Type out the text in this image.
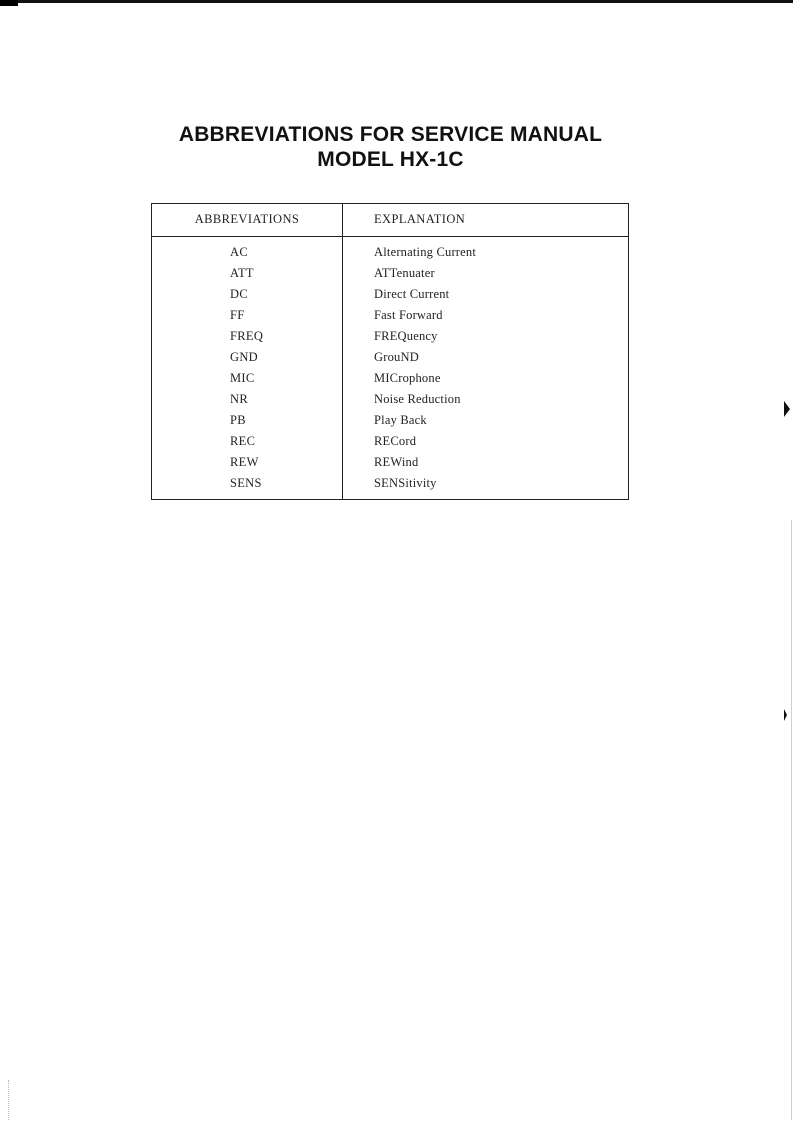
ABBREVIATIONS FOR SERVICE MANUAL
MODEL HX-1C
ABBREVIATIONS	EXPLANATION
AC	Alternating Current
ATT	ATTenuater
DC	Direct Current
FF	Fast Forward
FREQ	FREQuency
GND	GrouND
MIC	MICrophone
NR	Noise Reduction
PB	Play Back
REC	RECord
REW	REWind
SENS	SENSitivity
